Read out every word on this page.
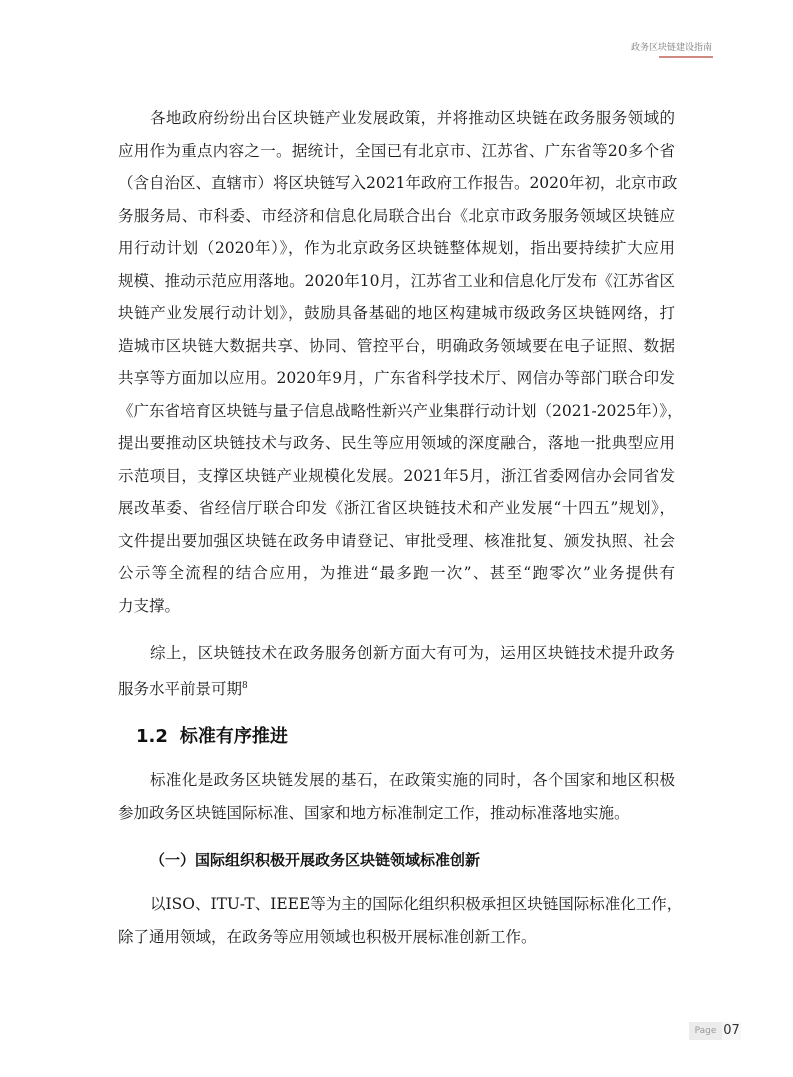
政务区块链建设指南
各地政府纷纷出台区块链产业发展政策，并将推动区块链在政务服务领域的
应用作为重点内容之一。据统计，全国已有北京市、江苏省、广东省等20多个省
（含自治区、直辖市）将区块链写入2021年政府工作报告。2020年初，北京市政
务服务局、市科委、市经济和信息化局联合出台《北京市政务服务领域区块链应
用行动计划（2020年）》，作为北京政务区块链整体规划，指出要持续扩大应用
规模、推动示范应用落地。2020年10月，江苏省工业和信息化厅发布《江苏省区
块链产业发展行动计划》，鼓励具备基础的地区构建城市级政务区块链网络，打
造城市区块链大数据共享、协同、管控平台，明确政务领域要在电子证照、数据
共享等方面加以应用。2020年9月，广东省科学技术厅、网信办等部门联合印发
《广东省培育区块链与量子信息战略性新兴产业集群行动计划（2021-2025年）》，
提出要推动区块链技术与政务、民生等应用领域的深度融合，落地一批典型应用
示范项目，支撑区块链产业规模化发展。2021年5月，浙江省委网信办会同省发
展改革委、省经信厅联合印发《浙江省区块链技术和产业发展“十四五”规划》，
文件提出要加强区块链在政务申请登记、审批受理、核准批复、颁发执照、社会
公示等全流程的结合应用，为推进“最多跑一次”、甚至“跑零次”业务提供有
力支撑。
综上，区块链技术在政务服务创新方面大有可为，运用区块链技术提升政务
服务水平前景可期$^8$
1.2 标准有序推进
标准化是政务区块链发展的基石，在政策实施的同时，各个国家和地区积极
参加政务区块链国际标准、国家和地方标准制定工作，推动标准落地实施。
（一）国际组织积极开展政务区块链领域标准创新
以ISO、ITU-T、IEEE等为主的国际化组织积极承担区块链国际标准化工作，
除了通用领域，在政务等应用领域也积极开展标准创新工作。
Page 07
